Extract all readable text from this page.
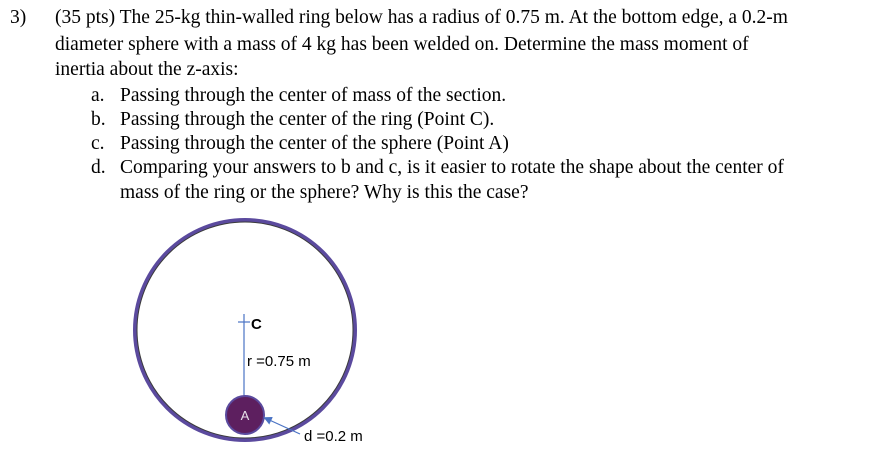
3) (35 pts) The 25-kg thin-walled ring below has a radius of 0.75 m. At the bottom edge, a 0.2-m
diameter sphere with a mass of 4 kg has been welded on. Determine the mass moment of
inertia about the z-axis:
a. Passing through the center of mass of the section.
b. Passing through the center of the ring (Point C).
c. Passing through the center of the sphere (Point A)
d. Comparing your answers to b and c, is it easier to rotate the shape about the center of
mass of the ring or the sphere? Why is this the case?
C
r =0.75 m
A
d =0.2 m
